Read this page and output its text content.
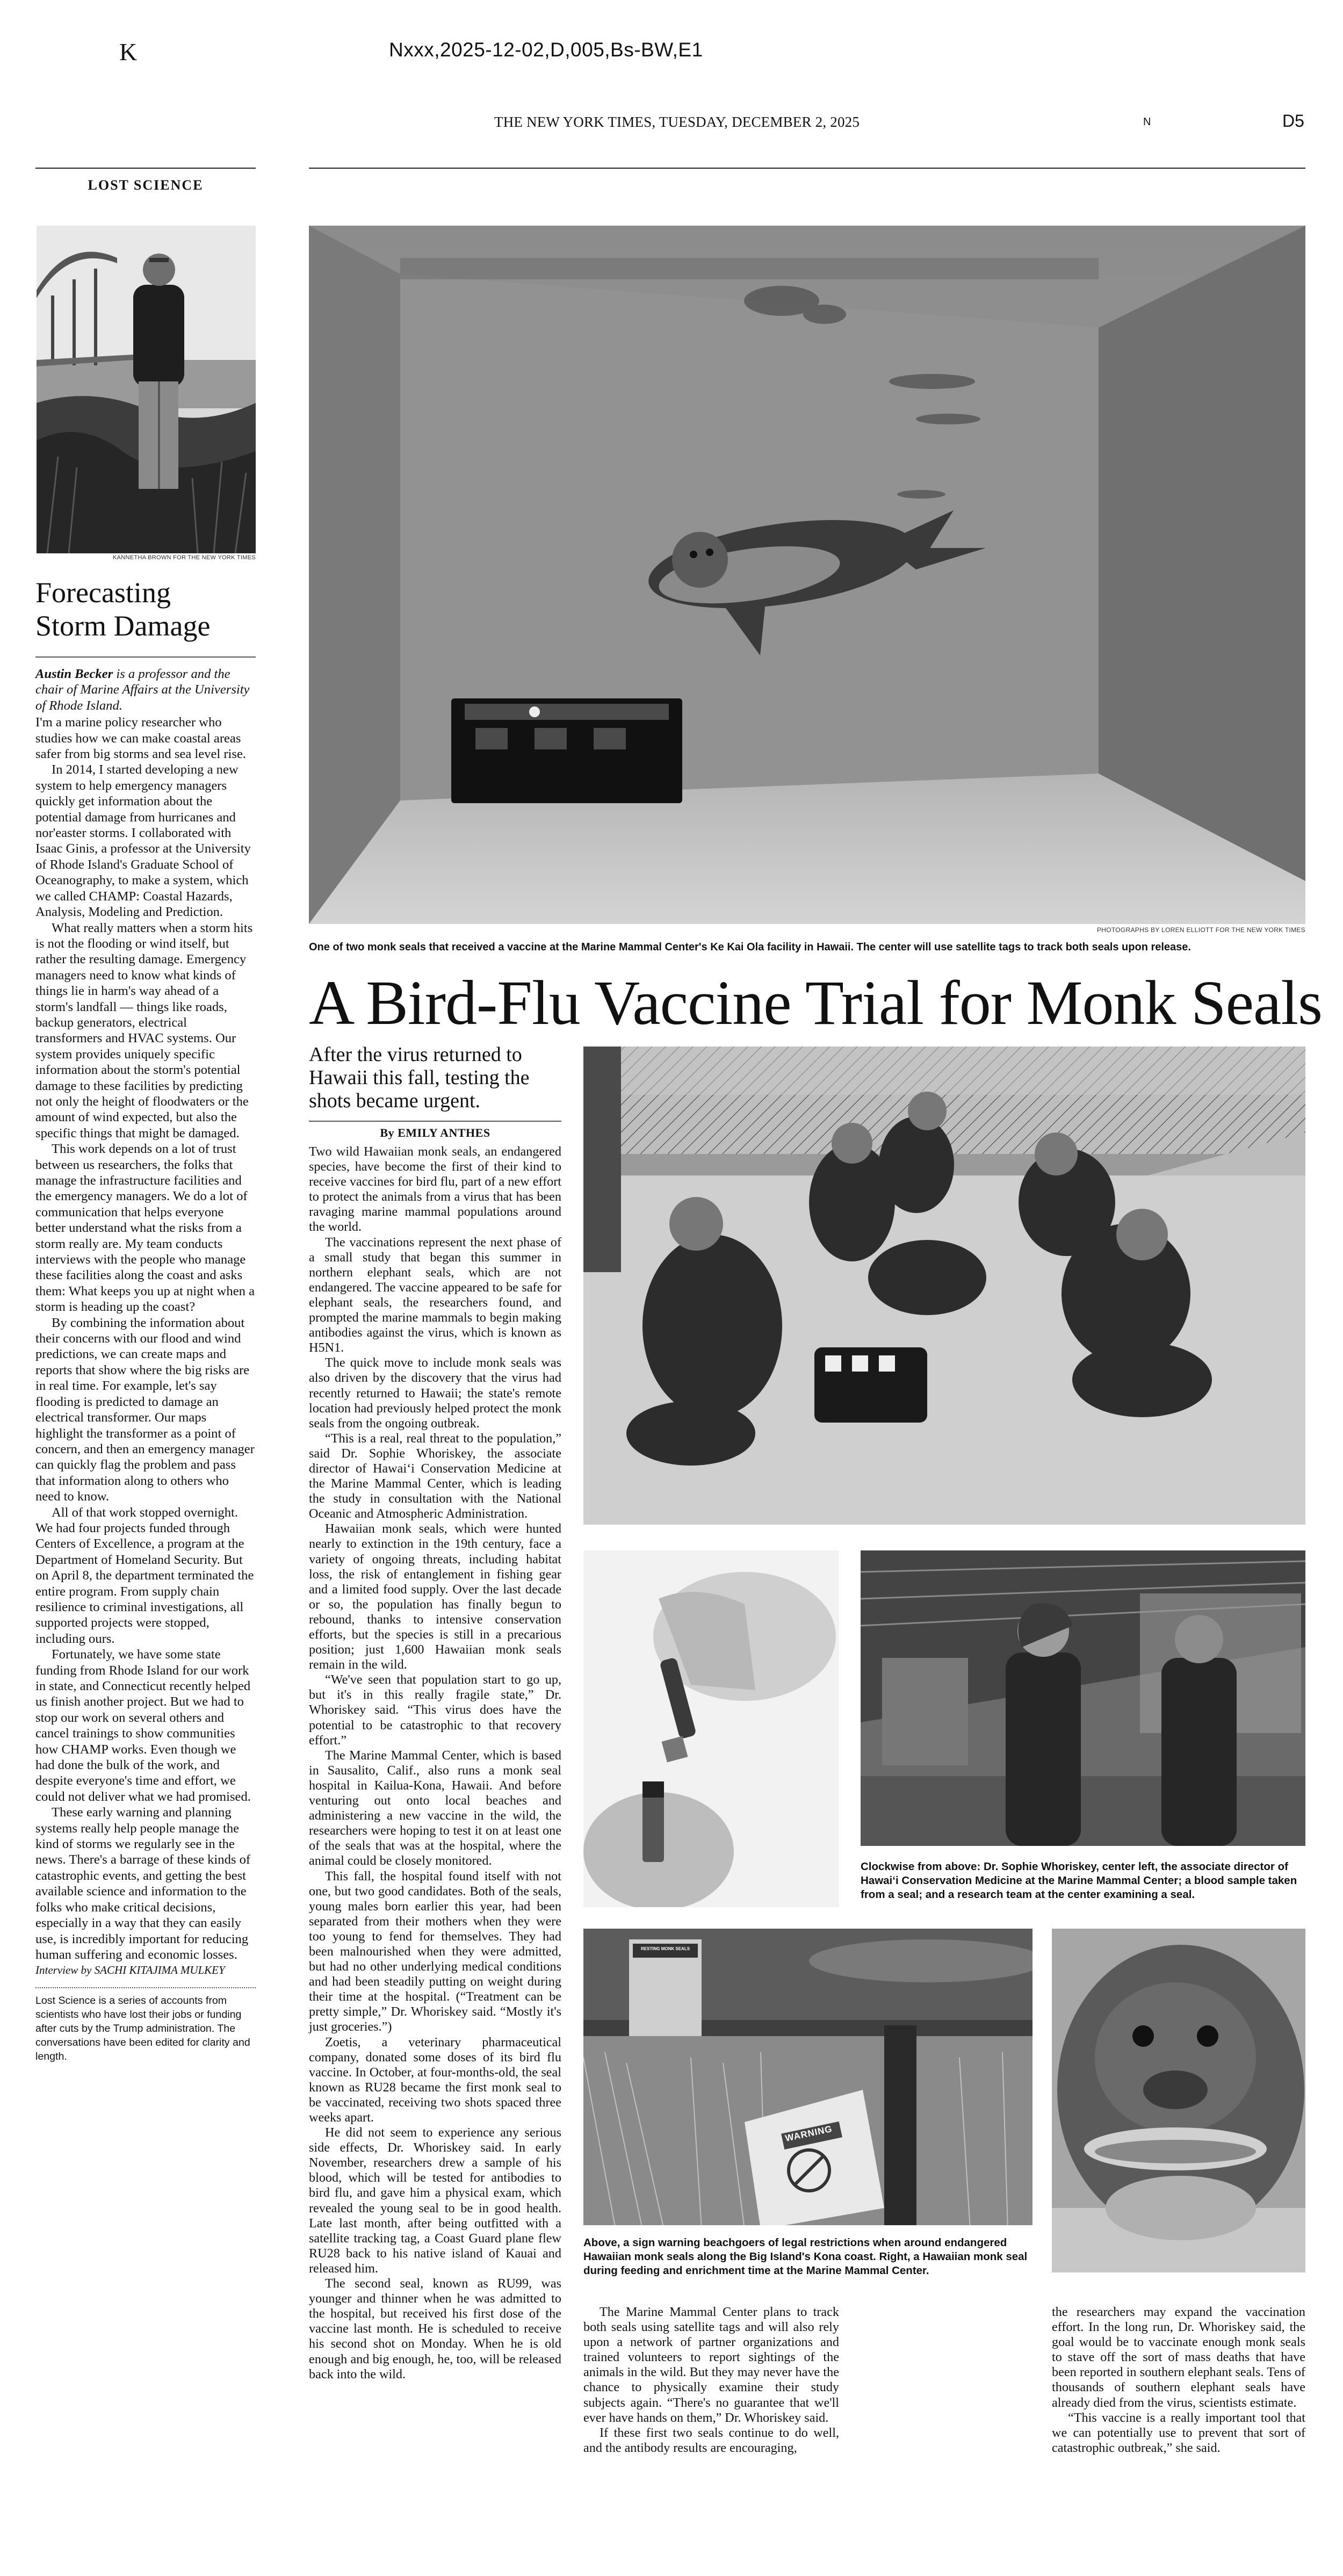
K	Nxxx,2025-12-02,D,005,Bs-BW,E1
THE NEW YORK TIMES, TUESDAY, DECEMBER 2, 2025	N	D5
LOST SCIENCE
KANNETHA BROWN FOR THE NEW YORK TIMES
Forecasting
Storm Damage

Austin Becker is a professor and the chair of Marine Affairs at the University of Rhode Island.

I'm a marine policy researcher who studies how we can make coastal areas safer from big storms and sea level rise.

In 2014, I started developing a new system to help emergency managers quickly get information about the potential damage from hurricanes and nor'easter storms. I collaborated with Isaac Ginis, a professor at the University of Rhode Island's Graduate School of Oceanography, to make a system, which we called CHAMP: Coastal Hazards, Analysis, Modeling and Prediction.

What really matters when a storm hits is not the flooding or wind itself, but rather the resulting damage. Emergency managers need to know what kinds of things lie in harm's way ahead of a storm's landfall — things like roads, backup generators, electrical transformers and HVAC systems. Our system provides uniquely specific information about the storm's potential damage to these facilities by predicting not only the height of floodwaters or the amount of wind expected, but also the specific things that might be damaged.

This work depends on a lot of trust between us researchers, the folks that manage the infrastructure facilities and the emergency managers. We do a lot of communication that helps everyone better understand what the risks from a storm really are. My team conducts interviews with the people who manage these facilities along the coast and asks them: What keeps you up at night when a storm is heading up the coast?

By combining the information about their concerns with our flood and wind predictions, we can create maps and reports that show where the big risks are in real time. For example, let's say flooding is predicted to damage an electrical transformer. Our maps highlight the transformer as a point of concern, and then an emergency manager can quickly flag the problem and pass that information along to others who need to know.

All of that work stopped overnight. We had four projects funded through Centers of Excellence, a program at the Department of Homeland Security. But on April 8, the department terminated the entire program. From supply chain resilience to criminal investigations, all supported projects were stopped, including ours.

Fortunately, we have some state funding from Rhode Island for our work in state, and Connecticut recently helped us finish another project. But we had to stop our work on several others and cancel trainings to show communities how CHAMP works. Even though we had done the bulk of the work, and despite everyone's time and effort, we could not deliver what we had promised.

These early warning and planning systems really help people manage the kind of storms we regularly see in the news. There's a barrage of these kinds of catastrophic events, and getting the best available science and information to the folks who make critical decisions, especially in a way that they can easily use, is incredibly important for reducing human suffering and economic losses.

Interview by SACHI KITAJIMA MULKEY

Lost Science is a series of accounts from scientists who have lost their jobs or funding after cuts by the Trump administration. The conversations have been edited for clarity and length.

PHOTOGRAPHS BY LOREN ELLIOTT FOR THE NEW YORK TIMES
One of two monk seals that received a vaccine at the Marine Mammal Center's Ke Kai Ola facility in Hawaii. The center will use satellite tags to track both seals upon release.
A Bird-Flu Vaccine Trial for Monk Seals
After the virus returned to Hawaii this fall, testing the shots became urgent.
By EMILY ANTHES

Two wild Hawaiian monk seals, an endangered species, have become the first of their kind to receive vaccines for bird flu, part of a new effort to protect the animals from a virus that has been ravaging marine mammal populations around the world.

The vaccinations represent the next phase of a small study that began this summer in northern elephant seals, which are not endangered. The vaccine appeared to be safe for elephant seals, the researchers found, and prompted the marine mammals to begin making antibodies against the virus, which is known as H5N1.

The quick move to include monk seals was also driven by the discovery that the virus had recently returned to Hawaii; the state's remote location had previously helped protect the monk seals from the ongoing outbreak.

“This is a real, real threat to the population,” said Dr. Sophie Whoriskey, the associate director of Hawai‘i Conservation Medicine at the Marine Mammal Center, which is leading the study in consultation with the National Oceanic and Atmospheric Administration.

Hawaiian monk seals, which were hunted nearly to extinction in the 19th century, face a variety of ongoing threats, including habitat loss, the risk of entanglement in fishing gear and a limited food supply. Over the last decade or so, the population has finally begun to rebound, thanks to intensive conservation efforts, but the species is still in a precarious position; just 1,600 Hawaiian monk seals remain in the wild.

“We've seen that population start to go up, but it's in this really fragile state,” Dr. Whoriskey said. “This virus does have the potential to be catastrophic to that recovery effort.”

The Marine Mammal Center, which is based in Sausalito, Calif., also runs a monk seal hospital in Kailua-Kona, Hawaii. And before venturing out onto local beaches and administering a new vaccine in the wild, the researchers were hoping to test it on at least one of the seals that was at the hospital, where the animal could be closely monitored.

This fall, the hospital found itself with not one, but two good candidates. Both of the seals, young males born earlier this year, had been separated from their mothers when they were too young to fend for themselves. They had been malnourished when they were admitted, but had no other underlying medical conditions and had been steadily putting on weight during their time at the hospital. (“Treatment can be pretty simple,” Dr. Whoriskey said. “Mostly it's just groceries.”)

Zoetis, a veterinary pharmaceutical company, donated some doses of its bird flu vaccine. In October, at four-months-old, the seal known as RU28 became the first monk seal to be vaccinated, receiving two shots spaced three weeks apart.

He did not seem to experience any serious side effects, Dr. Whoriskey said. In early November, researchers drew a sample of his blood, which will be tested for antibodies to bird flu, and gave him a physical exam, which revealed the young seal to be in good health. Late last month, after being outfitted with a satellite tracking tag, a Coast Guard plane flew RU28 back to his native island of Kauai and released him.

The second seal, known as RU99, was younger and thinner when he was admitted to the hospital, but received his first dose of the vaccine last month. He is scheduled to receive his second shot on Monday. When he is old enough and big enough, he, too, will be released back into the wild.

Clockwise from above: Dr. Sophie Whoriskey, center left, the associate director of Hawai‘i Conservation Medicine at the Marine Mammal Center; a blood sample taken from a seal; and a research team at the center examining a seal.
RESTING MONK SEALS
WARNING
Above, a sign warning beachgoers of legal restrictions when around endangered Hawaiian monk seals along the Big Island's Kona coast. Right, a Hawaiian monk seal during feeding and enrichment time at the Marine Mammal Center.

The Marine Mammal Center plans to track both seals using satellite tags and will also rely upon a network of partner organizations and trained volunteers to report sightings of the animals in the wild. But they may never have the chance to physically examine their study subjects again. “There's no guarantee that we'll ever have hands on them,” Dr. Whoriskey said.

If these first two seals continue to do well, and the antibody results are encouraging,

the researchers may expand the vaccination effort. In the long run, Dr. Whoriskey said, the goal would be to vaccinate enough monk seals to stave off the sort of mass deaths that have been reported in southern elephant seals. Tens of thousands of southern elephant seals have already died from the virus, scientists estimate.

“This vaccine is a really important tool that we can potentially use to prevent that sort of catastrophic outbreak,” she said.
